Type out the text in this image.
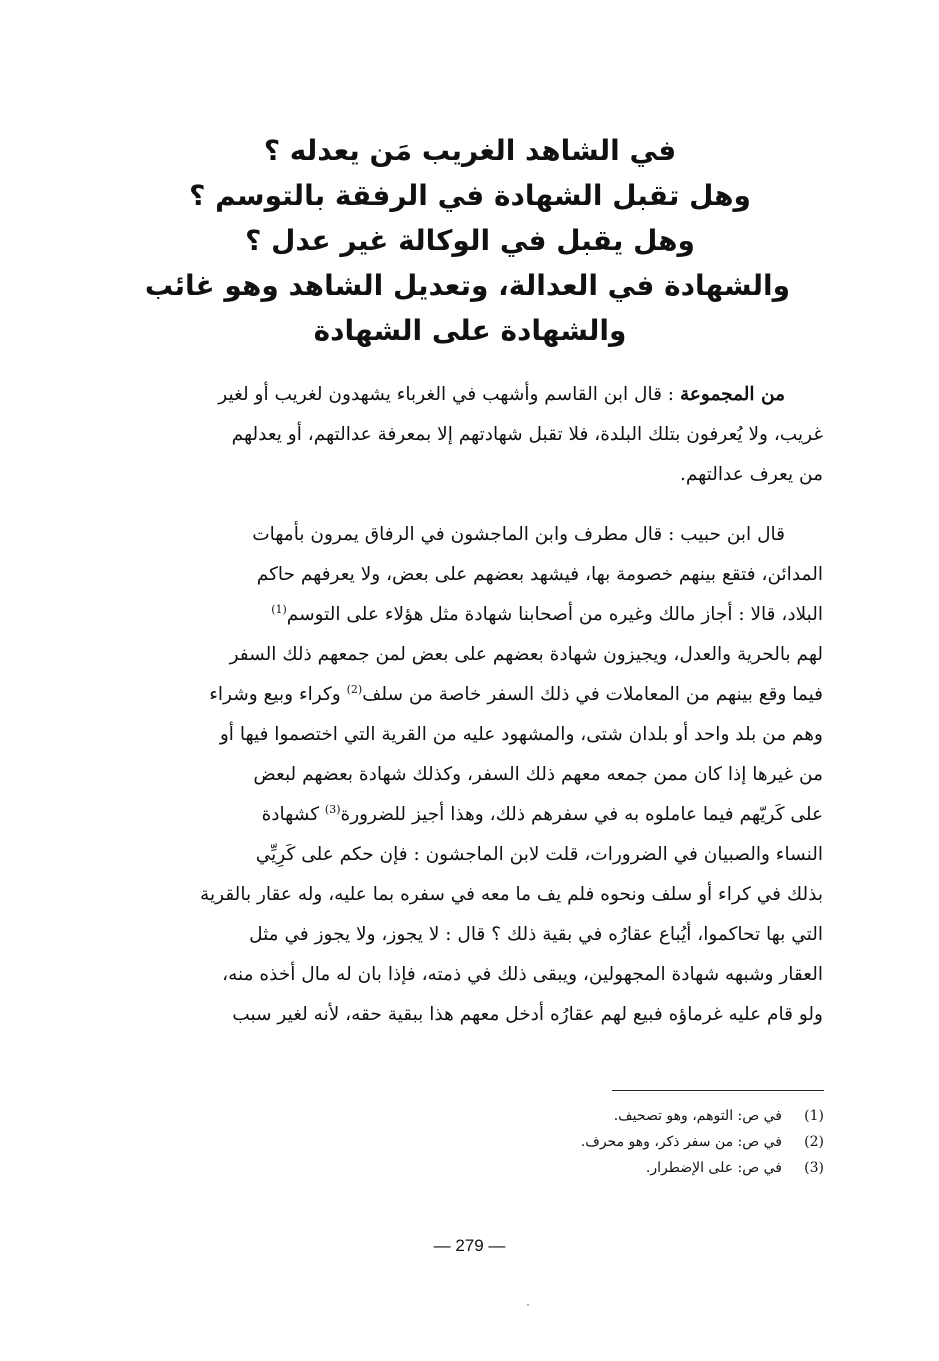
في الشاهد الغريب مَن يعدله ؟
وهل تقبل الشهادة في الرفقة بالتوسم ؟
وهل يقبل في الوكالة غير عدل ؟
والشهادة في العدالة، وتعديل الشاهد وهو غائب
والشهادة على الشهادة

من المجموعة : قال ابن القاسم وأشهب في الغرباء يشهدون لغريب أو لغير

غريب، ولا يُعرفون بتلك البلدة، فلا تقبل شهادتهم إلا بمعرفة عدالتهم، أو يعدلهم
من يعرف عدالتهم.

قال ابن حبيب : قال مطرف وابن الماجشون في الرفاق يمرون بأمهات

المدائن، فتقع بينهم خصومة بها، فيشهد بعضهم على بعض، ولا يعرفهم حاكم
البلاد، قالا : أجاز مالك وغيره من أصحابنا شهادة مثل هؤلاء على التوسم$^{(1)}$
لهم بالحرية والعدل، ويجيزون شهادة بعضهم على بعض لمن جمعهم ذلك السفر
فيما وقع بينهم من المعاملات في ذلك السفر خاصة من سلف$^{(2)}$ وكراء وبيع وشراء
وهم من بلد واحد أو بلدان شتى، والمشهود عليه من القرية التي اختصموا فيها أو
من غيرها إذا كان ممن جمعه معهم ذلك السفر، وكذلك شهادة بعضهم لبعض
على كَريّهم فيما عاملوه به في سفرهم ذلك، وهذا أجيز للضرورة$^{(3)}$ كشهادة
النساء والصبيان في الضرورات، قلت لابن الماجشون : فإن حكم على كَرِيِّي
بذلك في كراء أو سلف ونحوه فلم يف ما معه في سفره بما عليه، وله عقار بالقرية
التي بها تحاكموا، أيُباع عقارُه في بقية ذلك ؟ قال : لا يجوز، ولا يجوز في مثل
العقار وشبهه شهادة المجهولين، ويبقى ذلك في ذمته، فإذا بان له مال أخذه منه،
ولو قام عليه غرماؤه فبيع لهم عقارُه أدخل معهم هذا ببقية حقه، لأنه لغير سبب
(1)في ص: التوهم، وهو تصحيف.
(2)في ص: من سفر ذكر، وهو محرف.
(3)في ص: على الإضطرار.
— 279 —
